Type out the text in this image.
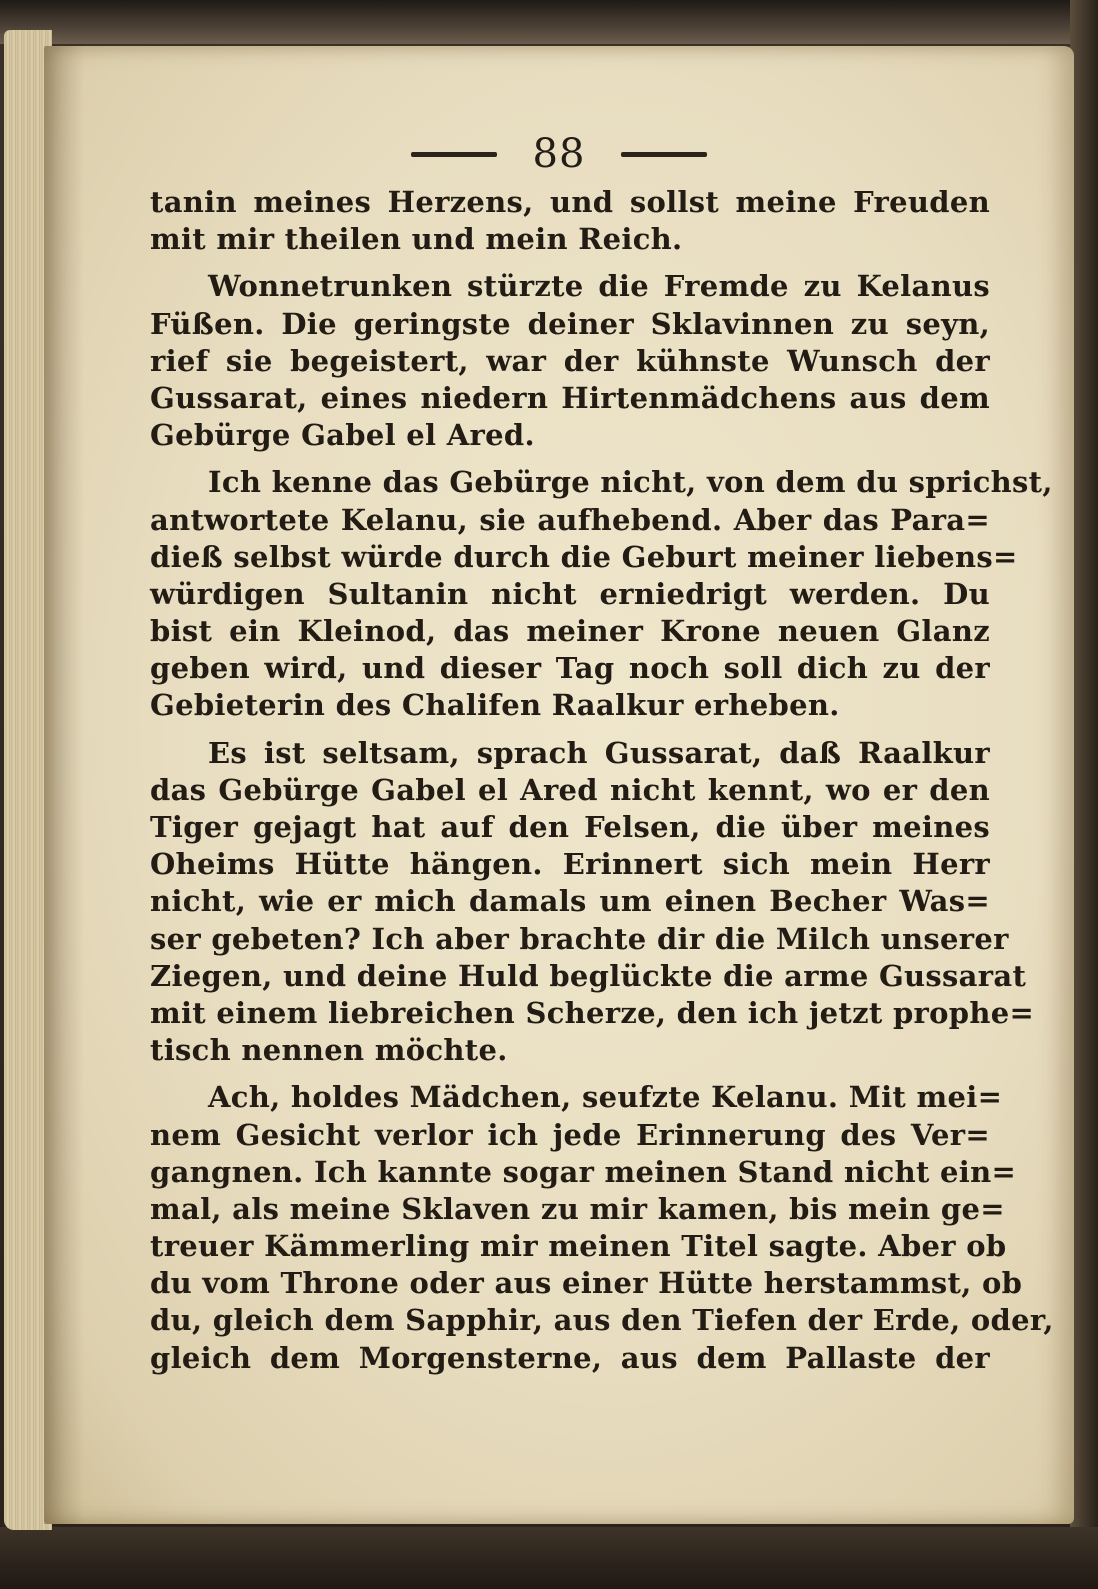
88
tanin meines Herzens, und sollst meine Freuden
mit mir theilen und mein Reich.
Wonnetrunken stürzte die Fremde zu Kelanus
Füßen. Die geringste deiner Sklavinnen zu seyn,
rief sie begeistert, war der kühnste Wunsch der
Gussarat, eines niedern Hirtenmädchens aus dem
Gebürge Gabel el Ared.
Ich kenne das Gebürge nicht, von dem du sprichst,
antwortete Kelanu, sie aufhebend. Aber das Para=
dieß selbst würde durch die Geburt meiner liebens=
würdigen Sultanin nicht erniedrigt werden. Du
bist ein Kleinod, das meiner Krone neuen Glanz
geben wird, und dieser Tag noch soll dich zu der
Gebieterin des Chalifen Raalkur erheben.
Es ist seltsam, sprach Gussarat, daß Raalkur
das Gebürge Gabel el Ared nicht kennt, wo er den
Tiger gejagt hat auf den Felsen, die über meines
Oheims Hütte hängen. Erinnert sich mein Herr
nicht, wie er mich damals um einen Becher Was=
ser gebeten? Ich aber brachte dir die Milch unserer
Ziegen, und deine Huld beglückte die arme Gussarat
mit einem liebreichen Scherze, den ich jetzt prophe=
tisch nennen möchte.
Ach, holdes Mädchen, seufzte Kelanu. Mit mei=
nem Gesicht verlor ich jede Erinnerung des Ver=
gangnen. Ich kannte sogar meinen Stand nicht ein=
mal, als meine Sklaven zu mir kamen, bis mein ge=
treuer Kämmerling mir meinen Titel sagte. Aber ob
du vom Throne oder aus einer Hütte herstammst, ob
du, gleich dem Sapphir, aus den Tiefen der Erde, oder,
gleich dem Morgensterne, aus dem Pallaste der
